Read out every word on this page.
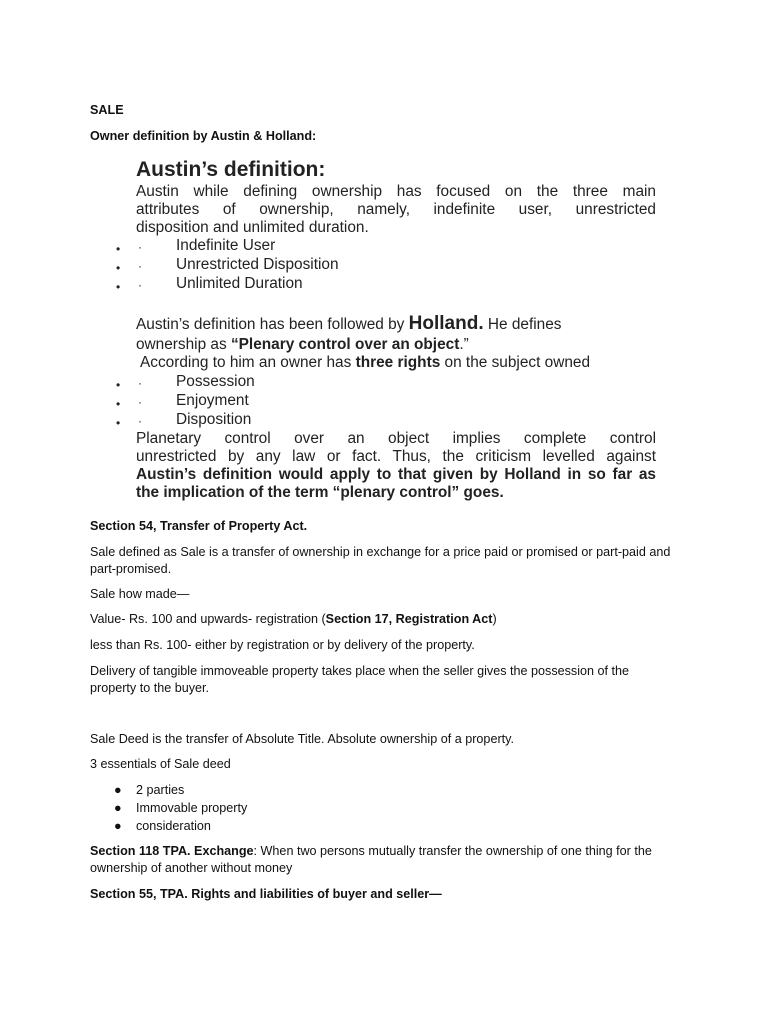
SALE

Owner definition by Austin & Holland:

Austin’s definition:

Austin while defining ownership has focused on the three main

attributes of ownership, namely, indefinite user, unrestricted

disposition and unlimited duration.

• · Indefinite User
• · Unrestricted Disposition
• · Unlimited Duration

Austin’s definition has been followed by Holland. He defines

ownership as “Plenary control over an object.”

According to him an owner has three rights on the subject owned

• · Possession
• · Enjoyment
• · Disposition

Planetary control over an object implies complete control

unrestricted by any law or fact. Thus, the criticism levelled against

Austin’s definition would apply to that given by Holland in so far as

the implication of the term “plenary control” goes.

Section 54, Transfer of Property Act.

Sale defined as Sale is a transfer of ownership in exchange for a price paid or promised or part-paid and

part-promised.

Sale how made—

Value- Rs. 100 and upwards- registration (Section 17, Registration Act)

less than Rs. 100- either by registration or by delivery of the property.

Delivery of tangible immoveable property takes place when the seller gives the possession of the

property to the buyer.

Sale Deed is the transfer of Absolute Title. Absolute ownership of a property.

3 essentials of Sale deed

● 2 parties
● Immovable property
● consideration

Section 118 TPA. Exchange: When two persons mutually transfer the ownership of one thing for the

ownership of another without money

Section 55, TPA. Rights and liabilities of buyer and seller—
